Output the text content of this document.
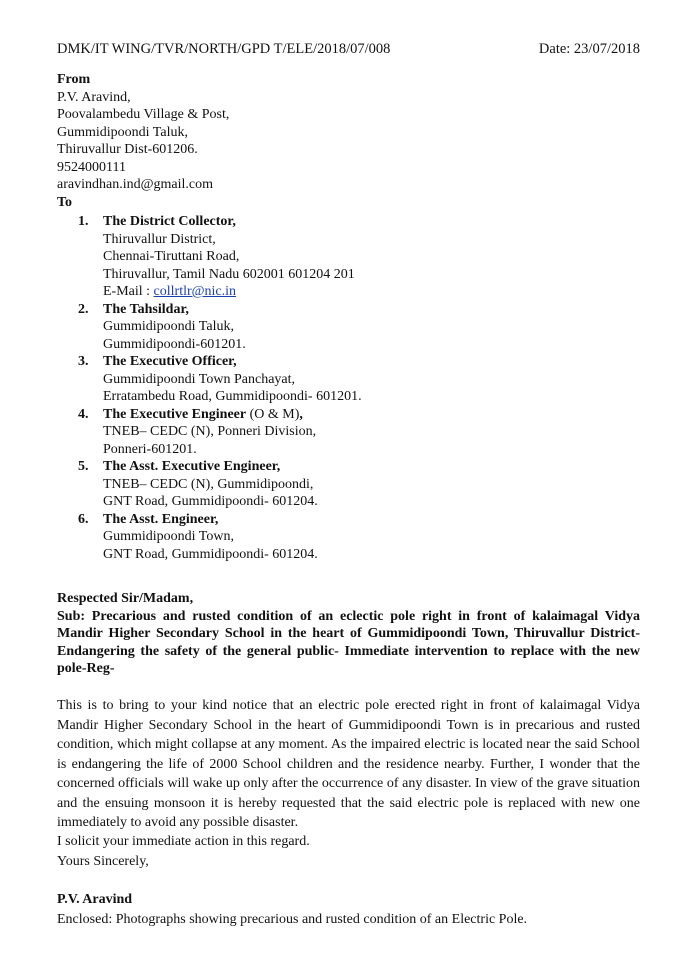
DMK/IT WING/TVR/NORTH/GPD T/ELE/2018/07/008	Date: 23/07/2018
From
P.V. Aravind,
Poovalambedu Village & Post,
Gummidipoondi Taluk,
Thiruvallur Dist-601206.
9524000111
aravindhan.ind@gmail.com
To
1. The District Collector,
Thiruvallur District,
Chennai-Tiruttani Road,
Thiruvallur, Tamil Nadu 602001 601204 201
E-Mail : collrtlr@nic.in
2. The Tahsildar,
Gummidipoondi Taluk,
Gummidipoondi-601201.
3. The Executive Officer,
Gummidipoondi Town Panchayat,
Erratambedu Road, Gummidipoondi- 601201.
4. The Executive Engineer (O & M),
TNEB– CEDC (N), Ponneri Division,
Ponneri-601201.
5. The Asst. Executive Engineer,
TNEB– CEDC (N), Gummidipoondi,
GNT Road, Gummidipoondi- 601204.
6. The Asst. Engineer,
Gummidipoondi Town,
GNT Road, Gummidipoondi- 601204.
Respected Sir/Madam,
Sub: Precarious and rusted condition of an eclectic pole right in front of kalaimagal Vidya Mandir Higher Secondary School in the heart of Gummidipoondi Town, Thiruvallur District- Endangering the safety of the general public- Immediate intervention to replace with the new pole-Reg-
This is to bring to your kind notice that an electric pole erected right in front of kalaimagal Vidya Mandir Higher Secondary School in the heart of Gummidipoondi Town is in precarious and rusted condition, which might collapse at any moment. As the impaired electric is located near the said School is endangering the life of 2000 School children and the residence nearby. Further, I wonder that the concerned officials will wake up only after the occurrence of any disaster. In view of the grave situation and the ensuing monsoon it is hereby requested that the said electric pole is replaced with new one immediately to avoid any possible disaster.
I solicit your immediate action in this regard.
Yours Sincerely,
P.V. Aravind
Enclosed: Photographs showing precarious and rusted condition of an Electric Pole.
